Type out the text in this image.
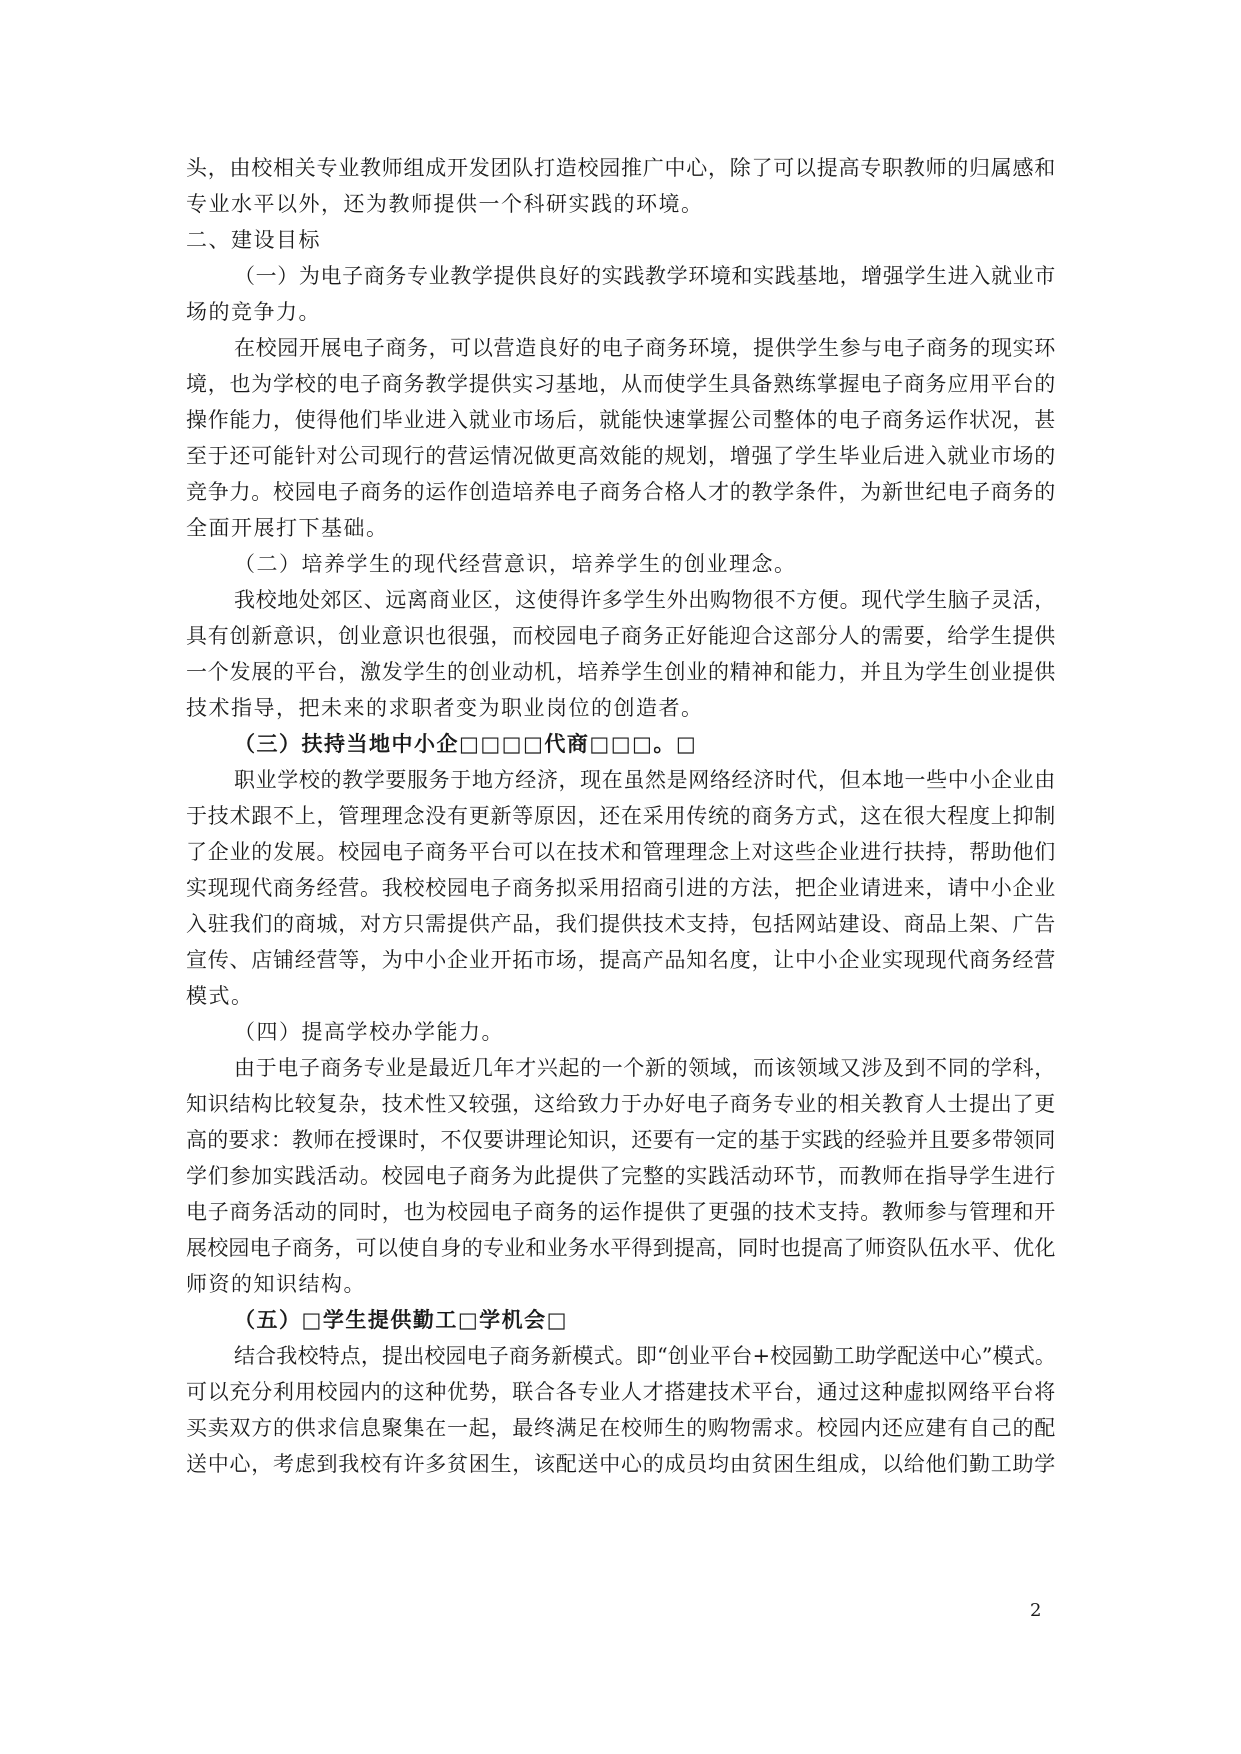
头，由校相关专业教师组成开发团队打造校园推广中心，除了可以提高专职教师的归属感和
专业水平以外，还为教师提供一个科研实践的环境。
二、建设目标
（一）为电子商务专业教学提供良好的实践教学环境和实践基地，增强学生进入就业市
场的竞争力。
在校园开展电子商务，可以营造良好的电子商务环境，提供学生参与电子商务的现实环
境，也为学校的电子商务教学提供实习基地，从而使学生具备熟练掌握电子商务应用平台的
操作能力，使得他们毕业进入就业市场后，就能快速掌握公司整体的电子商务运作状况，甚
至于还可能针对公司现行的营运情况做更高效能的规划，增强了学生毕业后进入就业市场的
竞争力。校园电子商务的运作创造培养电子商务合格人才的教学条件，为新世纪电子商务的
全面开展打下基础。
（二）培养学生的现代经营意识，培养学生的创业理念。
我校地处郊区、远离商业区，这使得许多学生外出购物很不方便。现代学生脑子灵活，
具有创新意识，创业意识也很强，而校园电子商务正好能迎合这部分人的需要，给学生提供
一个发展的平台，激发学生的创业动机，培养学生创业的精神和能力，并且为学生创业提供
技术指导，把未来的求职者变为职业岗位的创造者。
（三）扶持当地中小企□□□□代商□□□。□
职业学校的教学要服务于地方经济，现在虽然是网络经济时代，但本地一些中小企业由
于技术跟不上，管理理念没有更新等原因，还在采用传统的商务方式，这在很大程度上抑制
了企业的发展。校园电子商务平台可以在技术和管理理念上对这些企业进行扶持，帮助他们
实现现代商务经营。我校校园电子商务拟采用招商引进的方法，把企业请进来，请中小企业
入驻我们的商城，对方只需提供产品，我们提供技术支持，包括网站建设、商品上架、广告
宣传、店铺经营等，为中小企业开拓市场，提高产品知名度，让中小企业实现现代商务经营
模式。
（四）提高学校办学能力。
由于电子商务专业是最近几年才兴起的一个新的领域，而该领域又涉及到不同的学科，
知识结构比较复杂，技术性又较强，这给致力于办好电子商务专业的相关教育人士提出了更
高的要求：教师在授课时，不仅要讲理论知识，还要有一定的基于实践的经验并且要多带领同
学们参加实践活动。校园电子商务为此提供了完整的实践活动环节，而教师在指导学生进行
电子商务活动的同时，也为校园电子商务的运作提供了更强的技术支持。教师参与管理和开
展校园电子商务，可以使自身的专业和业务水平得到提高，同时也提高了师资队伍水平、优化
师资的知识结构。
（五）□学生提供勤工□学机会□
结合我校特点，提出校园电子商务新模式。即“创业平台+校园勤工助学配送中心”模式。
可以充分利用校园内的这种优势，联合各专业人才搭建技术平台，通过这种虚拟网络平台将
买卖双方的供求信息聚集在一起，最终满足在校师生的购物需求。校园内还应建有自己的配
送中心，考虑到我校有许多贫困生，该配送中心的成员均由贫困生组成，以给他们勤工助学
2
